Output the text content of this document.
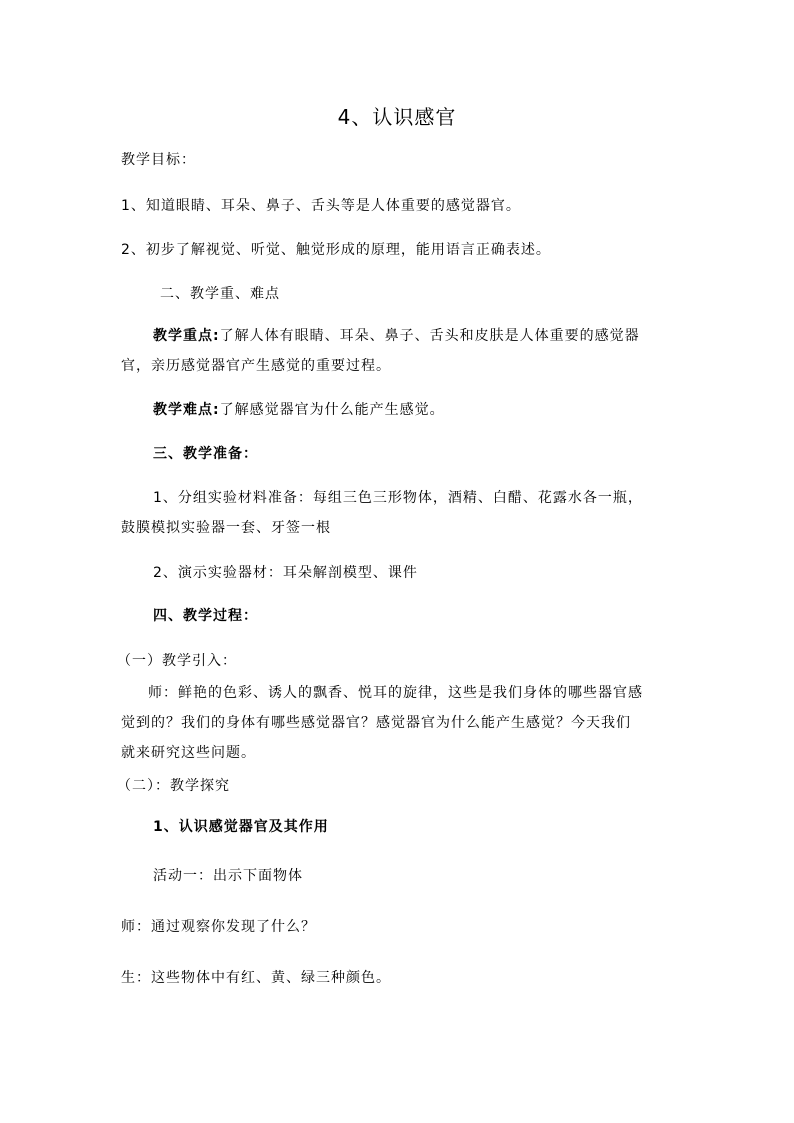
4、认识感官
教学目标：
1、知道眼睛、耳朵、鼻子、舌头等是人体重要的感觉器官。
2、初步了解视觉、听觉、触觉形成的原理，能用语言正确表述。
二、教学重、难点
教学重点:了解人体有眼睛、耳朵、鼻子、舌头和皮肤是人体重要的感觉器
官，亲历感觉器官产生感觉的重要过程。
教学难点:了解感觉器官为什么能产生感觉。
三、教学准备：
1、分组实验材料准备：每组三色三形物体，酒精、白醋、花露水各一瓶，
鼓膜模拟实验器一套、牙签一根
2、演示实验器材：耳朵解剖模型、课件
四、教学过程：
（一）教学引入：
师：鲜艳的色彩、诱人的飘香、悦耳的旋律，这些是我们身体的哪些器官感
觉到的？我们的身体有哪些感觉器官？感觉器官为什么能产生感觉？今天我们
就来研究这些问题。
（二）：教学探究
1、认识感觉器官及其作用
活动一：出示下面物体
师：通过观察你发现了什么？
生：这些物体中有红、黄、绿三种颜色。
